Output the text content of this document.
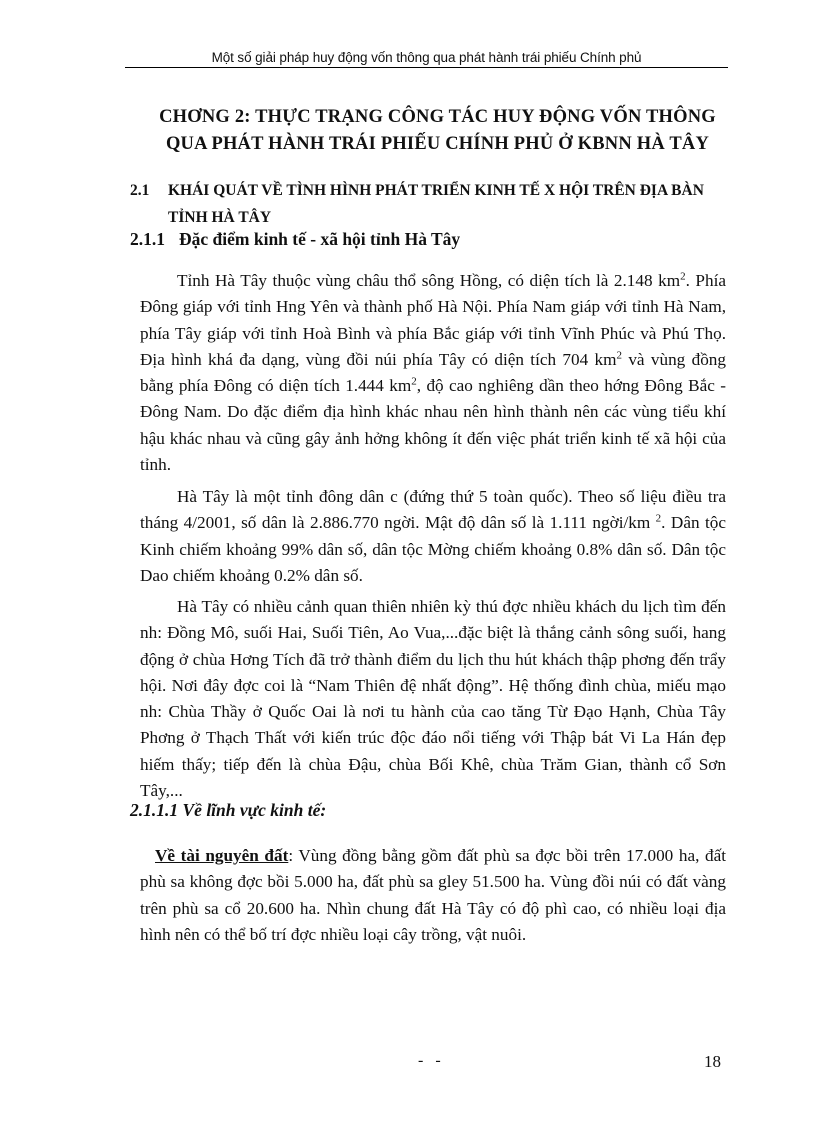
Một số giải pháp huy động vốn thông qua phát hành trái phiếu Chính phủ
CHƠNG 2: THỰC TRẠNG CÔNG TÁC HUY ĐỘNG VỐN THÔNG QUA PHÁT HÀNH TRÁI PHIẾU CHÍNH PHỦ Ở KBNN HÀ TÂY
2.1 KHÁI QUÁT VỀ TÌNH HÌNH PHÁT TRIỂN KINH TẾ X HỘI TRÊN ĐỊA BÀN TỈNH HÀ TÂY
2.1.1 Đặc điểm kinh tế - xã hội tỉnh Hà Tây

Tỉnh Hà Tây thuộc vùng châu thổ sông Hồng, có diện tích là 2.148 $km^2$. Phía Đông giáp với tỉnh Hng Yên và thành phố Hà Nội. Phía Nam giáp với tỉnh Hà Nam, phía Tây giáp với tỉnh Hoà Bình và phía Bắc giáp với tỉnh Vĩnh Phúc và Phú Thọ. Địa hình khá đa dạng, vùng đồi núi phía Tây có diện tích 704 $km^2$ và vùng đồng bằng phía Đông có diện tích 1.444 $km^2$, độ cao nghiêng dần theo hớng Đông Bắc - Đông Nam. Do đặc điểm địa hình khác nhau nên hình thành nên các vùng tiểu khí hậu khác nhau và cũng gây ảnh hởng không ít đến việc phát triển kinh tế xã hội của tỉnh.

Hà Tây là một tỉnh đông dân c (đứng thứ 5 toàn quốc). Theo số liệu điều tra tháng 4/2001, số dân là 2.886.770 ngời. Mật độ dân số là 1.111 ngời/km $^2$. Dân tộc Kinh chiếm khoảng 99% dân số, dân tộc Mờng chiếm khoảng 0.8% dân số. Dân tộc Dao chiếm khoảng 0.2% dân số.

Hà Tây có nhiều cảnh quan thiên nhiên kỳ thú đợc nhiều khách du lịch tìm đến nh: Đồng Mô, suối Hai, Suối Tiên, Ao Vua,...đặc biệt là thắng cảnh sông suối, hang động ở chùa Hơng Tích đã trở thành điểm du lịch thu hút khách thập phơng đến trẩy hội. Nơi đây đợc coi là “Nam Thiên đệ nhất động”. Hệ thống đình chùa, miếu mạo nh: Chùa Thầy ở Quốc Oai là nơi tu hành của cao tăng Từ Đạo Hạnh, Chùa Tây Phơng ở Thạch Thất với kiến trúc độc đáo nổi tiếng với Thập bát Vi La Hán đẹp hiếm thấy; tiếp đến là chùa Đậu, chùa Bối Khê, chùa Trăm Gian, thành cổ Sơn Tây,...

2.1.1.1 Về lĩnh vực kinh tế:

Về tài nguyên đất: Vùng đồng bằng gồm đất phù sa đợc bồi trên 17.000 ha, đất phù sa không đợc bồi 5.000 ha, đất phù sa gley 51.500 ha. Vùng đồi núi có đất vàng trên phù sa cổ 20.600 ha. Nhìn chung đất Hà Tây có độ phì cao, có nhiều loại địa hình nên có thể bố trí đợc nhiều loại cây trồng, vật nuôi.

- -	18
